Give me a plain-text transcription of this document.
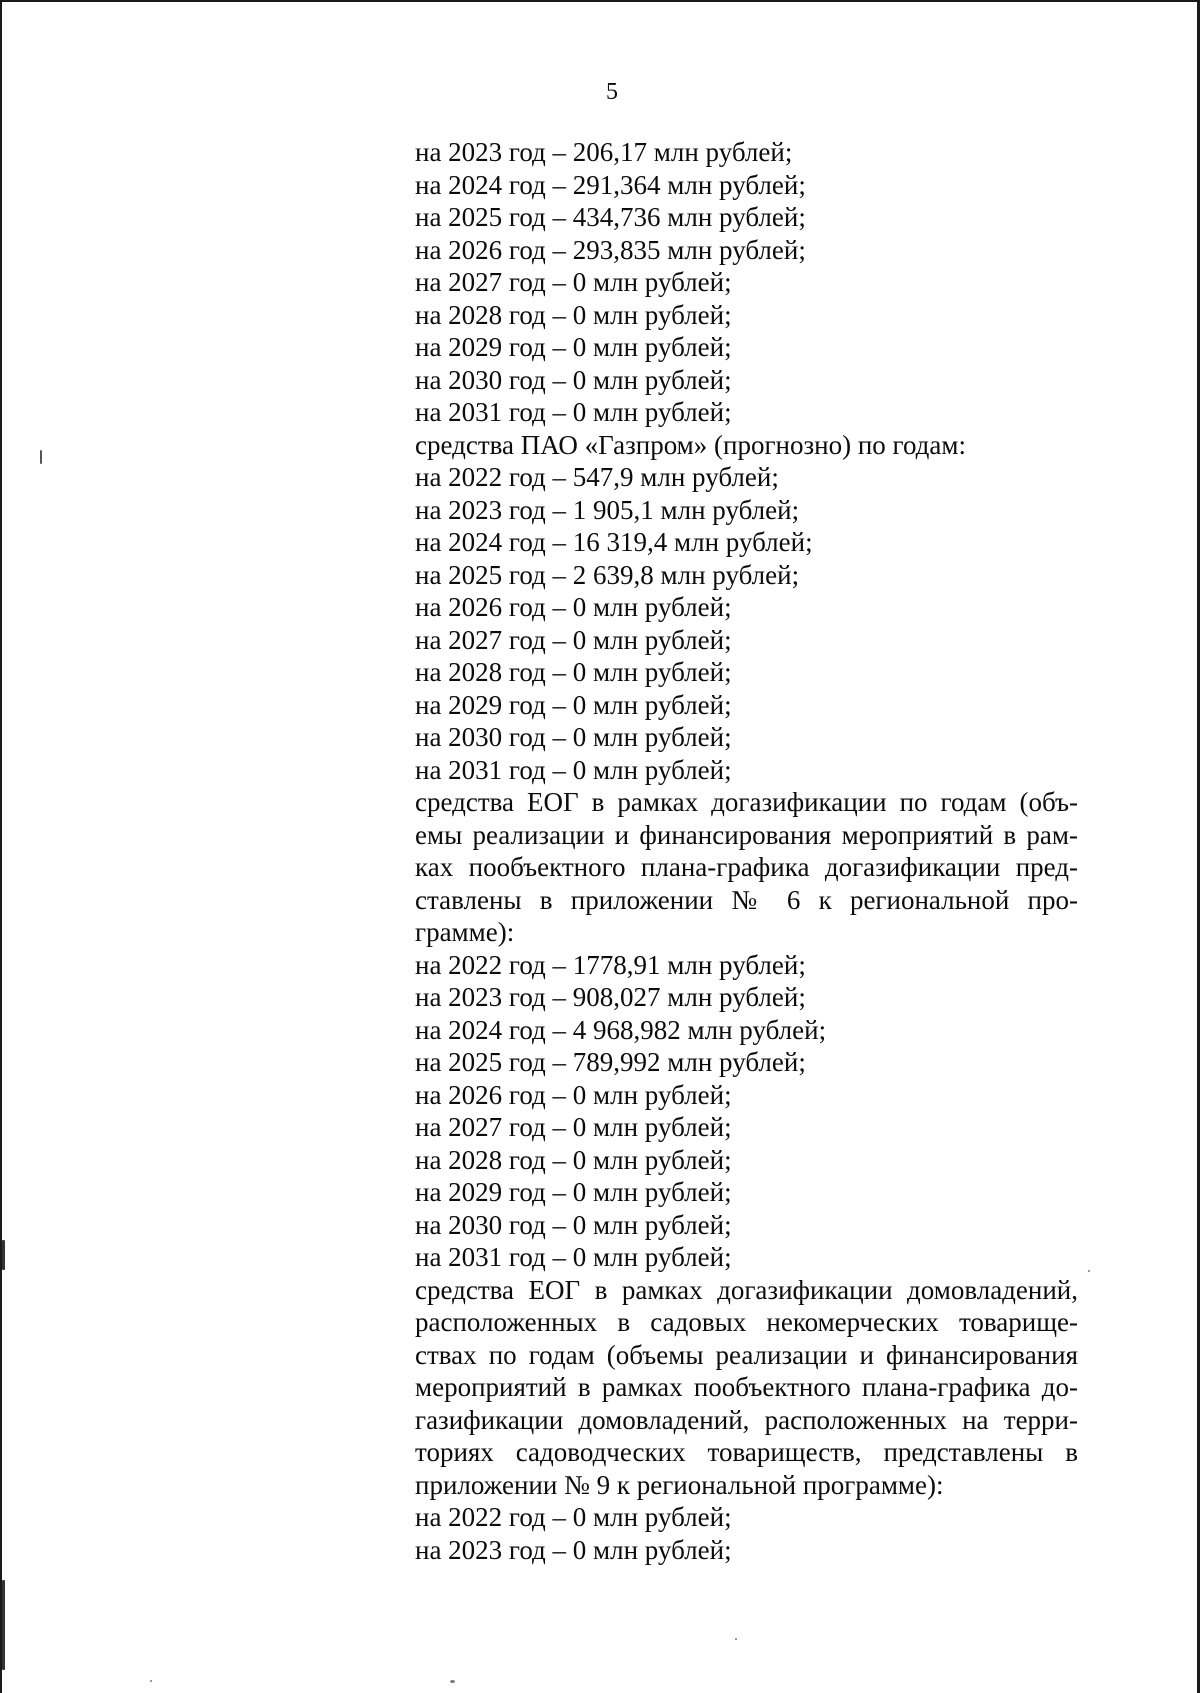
5
на 2023 год – 206,17 млн рублей;
на 2024 год – 291,364 млн рублей;
на 2025 год – 434,736 млн рублей;
на 2026 год – 293,835 млн рублей;
на 2027 год – 0 млн рублей;
на 2028 год – 0 млн рублей;
на 2029 год – 0 млн рублей;
на 2030 год – 0 млн рублей;
на 2031 год – 0 млн рублей;
средства ПАО «Газпром» (прогнозно) по годам:
на 2022 год – 547,9 млн рублей;
на 2023 год – 1 905,1 млн рублей;
на 2024 год – 16 319,4 млн рублей;
на 2025 год – 2 639,8 млн рублей;
на 2026 год – 0 млн рублей;
на 2027 год – 0 млн рублей;
на 2028 год – 0 млн рублей;
на 2029 год – 0 млн рублей;
на 2030 год – 0 млн рублей;
на 2031 год – 0 млн рублей;
средства ЕОГ в рамках догазификации по годам (объ-
емы реализации и финансирования мероприятий в рам-
ках пообъектного плана-графика догазификации пред-
ставлены в приложении № 6 к региональной про-
грамме):
на 2022 год – 1778,91 млн рублей;
на 2023 год – 908,027 млн рублей;
на 2024 год – 4 968,982 млн рублей;
на 2025 год – 789,992 млн рублей;
на 2026 год – 0 млн рублей;
на 2027 год – 0 млн рублей;
на 2028 год – 0 млн рублей;
на 2029 год – 0 млн рублей;
на 2030 год – 0 млн рублей;
на 2031 год – 0 млн рублей;
средства ЕОГ в рамках догазификации домовладений,
расположенных в садовых некомерческих товарище-
ствах по годам (объемы реализации и финансирования
мероприятий в рамках пообъектного плана-графика до-
газификации домовладений, расположенных на терри-
ториях садоводческих товариществ, представлены в
приложении № 9 к региональной программе):
на 2022 год – 0 млн рублей;
на 2023 год – 0 млн рублей;
